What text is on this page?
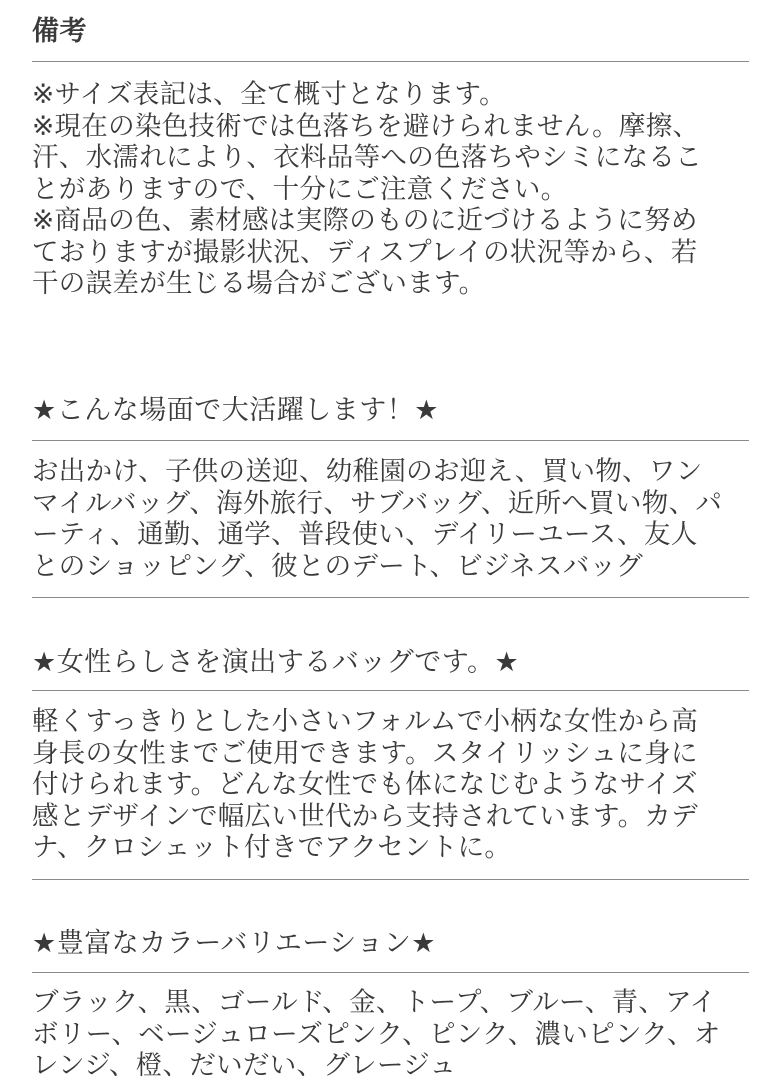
備考
※サイズ表記は、全て概寸となります。
※現在の染色技術では色落ちを避けられません。摩擦、
汗、水濡れにより、衣料品等への色落ちやシミになるこ
とがありますので、十分にご注意ください。
※商品の色、素材感は実際のものに近づけるように努め
ておりますが撮影状況、ディスプレイの状況等から、若
干の誤差が生じる場合がございます。
★こんな場面で大活躍します！★
お出かけ、子供の送迎、幼稚園のお迎え、買い物、ワン
マイルバッグ、海外旅行、サブバッグ、近所へ買い物、パ
ーティ、通勤、通学、普段使い、デイリーユース、友人
とのショッピング、彼とのデート、ビジネスバッグ
★女性らしさを演出するバッグです。★
軽くすっきりとした小さいフォルムで小柄な女性から高
身長の女性までご使用できます。スタイリッシュに身に
付けられます。どんな女性でも体になじむようなサイズ
感とデザインで幅広い世代から支持されています。カデ
ナ、クロシェット付きでアクセントに。
★豊富なカラーバリエーション★
ブラック、黒、ゴールド、金、トープ、ブルー、青、アイ
ボリー、ベージュローズピンク、ピンク、濃いピンク、オ
レンジ、橙、だいだい、グレージュ
